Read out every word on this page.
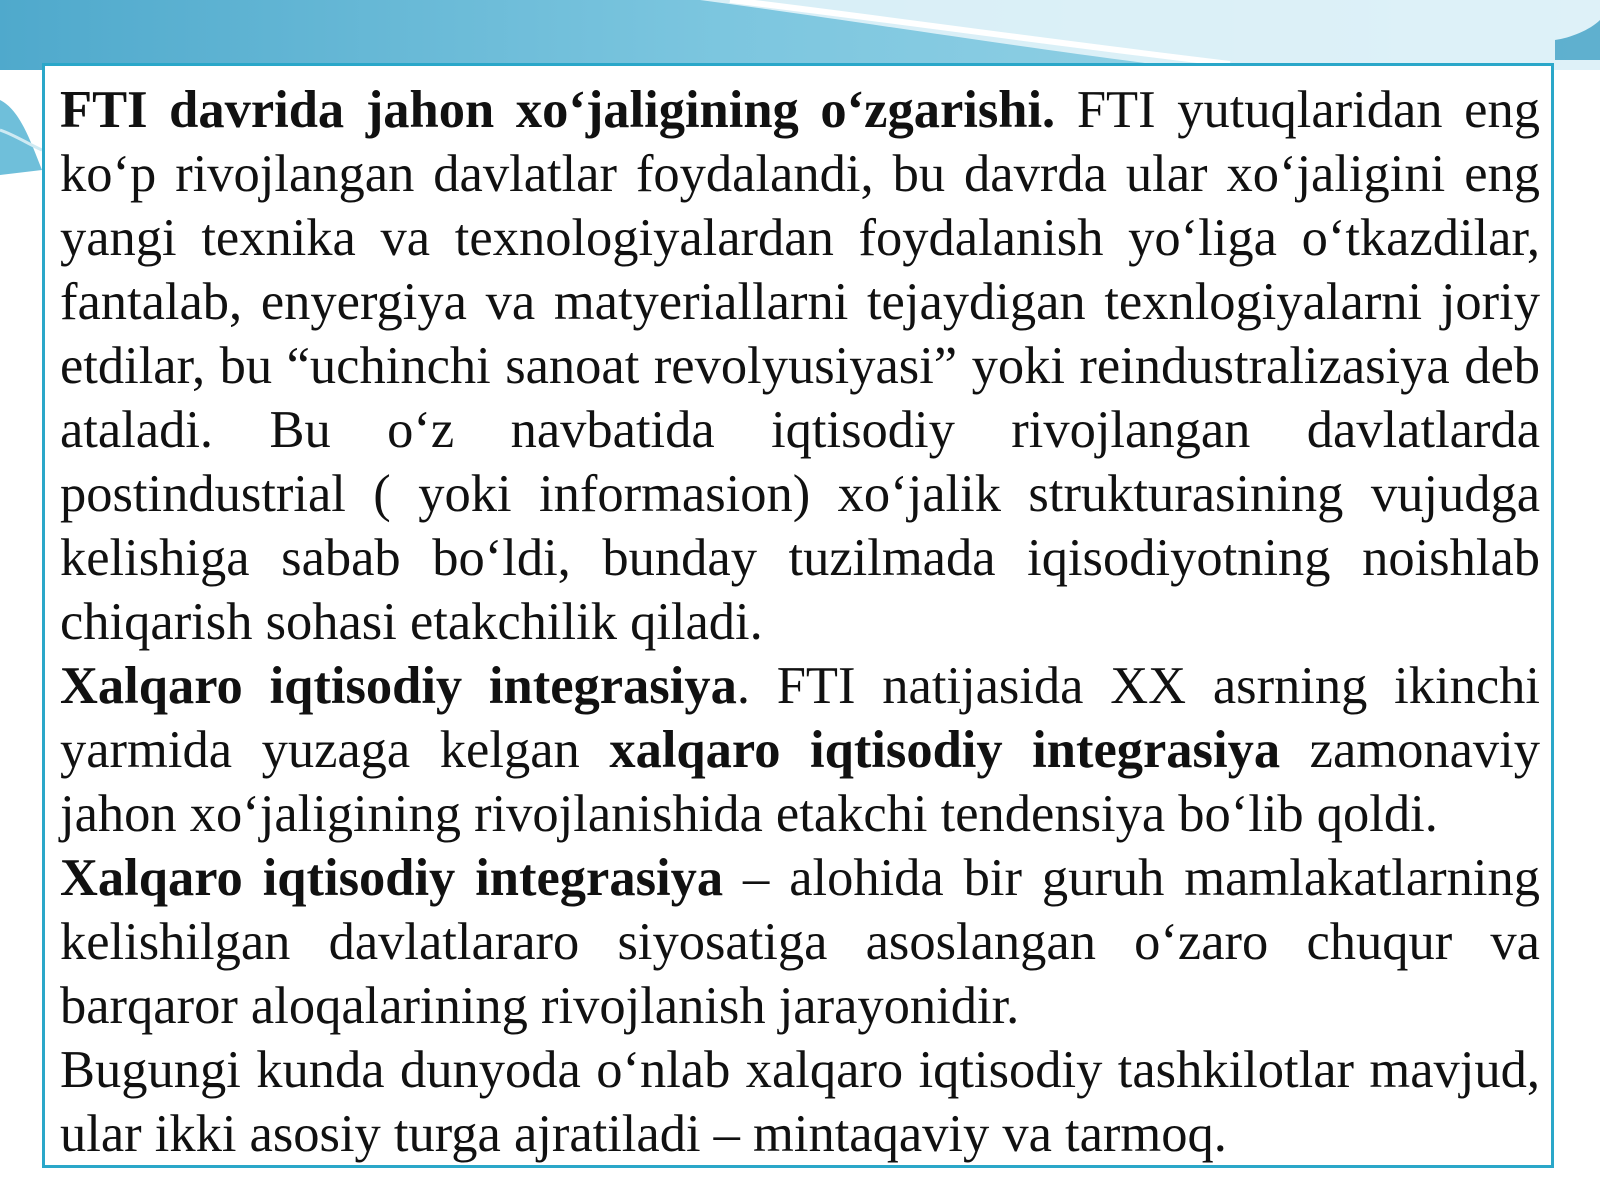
FTI davrida jahon xo‘jaligining o‘zgarishi. FTI yutuqlaridan eng ko‘p rivojlangan davlatlar foydalandi, bu davrda ular xo‘jaligini eng yangi texnika va texnologiyalardan foydalanish yo‘liga o‘tkazdilar, fantalab, enyergiya va matyeriallarni tejaydigan texnlogiyalarni joriy etdilar, bu “uchinchi sanoat revolyusiyasi” yoki reindustralizasiya deb ataladi. Bu o‘z navbatida iqtisodiy rivojlangan davlatlarda postindustrial ( yoki informasion) xo‘jalik strukturasining vujudga kelishiga sabab bo‘ldi, bunday tuzilmada iqisodiyotning noishlab chiqarish sohasi etakchilik qiladi.

Xalqaro iqtisodiy integrasiya. FTI natijasida XX asrning ikinchi yarmida yuzaga kelgan xalqaro iqtisodiy integrasiya zamonaviy jahon xo‘jaligining rivojlanishida etakchi tendensiya bo‘lib qoldi.

Xalqaro iqtisodiy integrasiya – alohida bir guruh mamlakatlarning kelishilgan davlatlararo siyosatiga asoslangan o‘zaro chuqur va barqaror aloqalarining rivojlanish jarayonidir.

Bugungi kunda dunyoda o‘nlab xalqaro iqtisodiy tashkilotlar mavjud, ular ikki asosiy turga ajratiladi – mintaqaviy va tarmoq.
